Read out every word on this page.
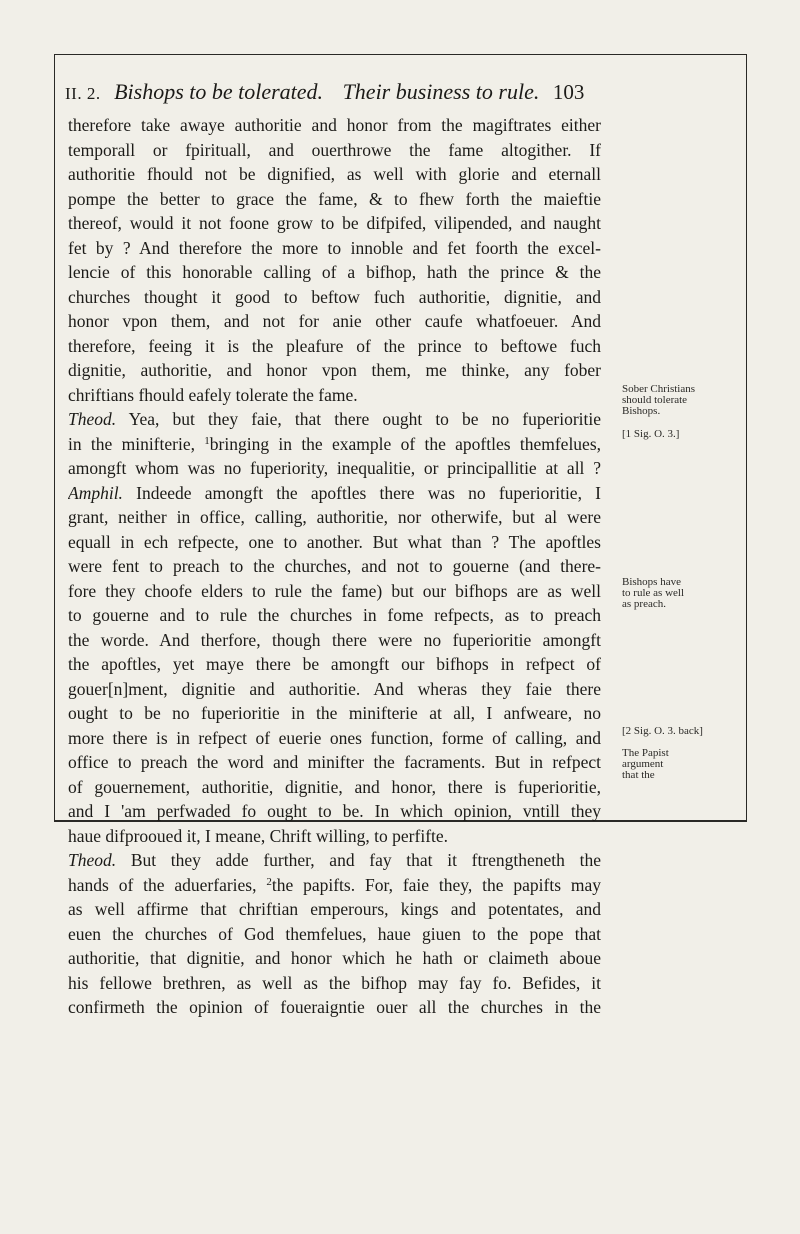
II. 2. Bishops to be tolerated. Their business to rule. 103
therefore take awaye authoritie and honor from the magiftrates either
temporall or fpirituall, and ouerthrowe the fame altogither. If
authoritie fhould not be dignified, as well with glorie and eternall
pompe the better to grace the fame, & to fhew forth the maieftie
thereof, would it not foone grow to be difpifed, vilipended, and naught
fet by ? And therefore the more to innoble and fet foorth the excel-
lencie of this honorable calling of a bifhop, hath the prince & the
churches thought it good to beftow fuch authoritie, dignitie, and
honor vpon them, and not for anie other caufe whatfoeuer. And
therefore, feeing it is the pleafure of the prince to beftowe fuch
dignitie, authoritie, and honor vpon them, me thinke, any fober
chriftians fhould eafely tolerate the fame.
Theod. Yea, but they faie, that there ought to be no fuperioritie
in the minifterie, $^1$bringing in the example of the apoftles themfelues,
amongft whom was no fuperiority, inequalitie, or principallitie at all ?
Amphil. Indeede amongft the apoftles there was no fuperioritie, I
grant, neither in office, calling, authoritie, nor otherwife, but al were
equall in ech refpecte, one to another. But what than ? The apoftles
were fent to preach to the churches, and not to gouerne (and there-
fore they choofe elders to rule the fame) but our bifhops are as well
to gouerne and to rule the churches in fome refpects, as to preach
the worde. And therfore, though there were no fuperioritie amongft
the apoftles, yet maye there be amongft our bifhops in refpect of
gouer[n]ment, dignitie and authoritie. And wheras they faie there
ought to be no fuperioritie in the minifterie at all, I anfweare, no
more there is in refpect of euerie ones function, forme of calling, and
office to preach the word and minifter the facraments. But in refpect
of gouernement, authoritie, dignitie, and honor, there is fuperioritie,
and I 'am perfwaded fo ought to be. In which opinion, vntill they
haue difprooued it, I meane, Chrift willing, to perfifte.
Theod. But they adde further, and fay that it ftrengtheneth the
hands of the aduerfaries, $^2$the papifts. For, faie they, the papifts may
as well affirme that chriftian emperours, kings and potentates, and
euen the churches of God themfelues, haue giuen to the pope that
authoritie, that dignitie, and honor which he hath or claimeth aboue
his fellowe brethren, as well as the bifhop may fay fo. Befides, it
confirmeth the opinion of foueraigntie ouer all the churches in the
Sober Christians
should tolerate
Bishops.
[1 Sig. O. 3.]
Bishops have
to rule as well
as preach.
[2 Sig. O. 3. back]
The Papist
argument
that the
